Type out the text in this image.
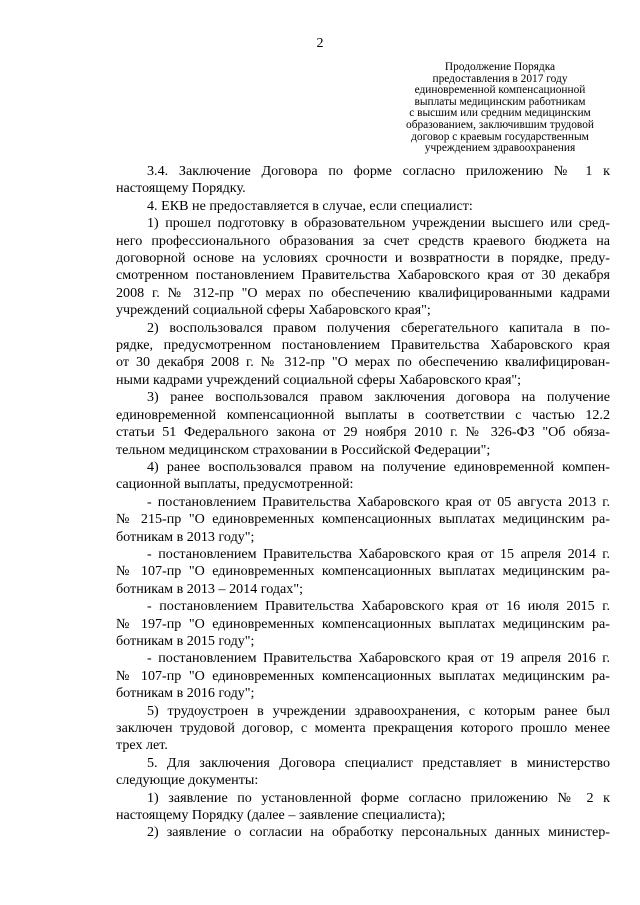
2
Продолжение Порядка
предоставления в 2017 году
единовременной компенсационной
выплаты медицинским работникам
с высшим или средним медицинским
образованием, заключившим трудовой
договор с краевым государственным
учреждением здравоохранения

3.4. Заключение Договора по форме согласно приложению № 1 к

настоящему Порядку.

4. ЕКВ не предоставляется в случае, если специалист:

1) прошел подготовку в образовательном учреждении высшего или сред-

него профессионального образования за счет средств краевого бюджета на

договорной основе на условиях срочности и возвратности в порядке, преду-

смотренном постановлением Правительства Хабаровского края от 30 декабря

2008 г. № 312-пр "О мерах по обеспечению квалифицированными кадрами

учреждений социальной сферы Хабаровского края";

2) воспользовался правом получения сберегательного капитала в по-

рядке, предусмотренном постановлением Правительства Хабаровского края

от 30 декабря 2008 г. № 312-пр "О мерах по обеспечению квалифицирован-

ными кадрами учреждений социальной сферы Хабаровского края";

3) ранее воспользовался правом заключения договора на получение

единовременной компенсационной выплаты в соответствии с частью 12.2

статьи 51 Федерального закона от 29 ноября 2010 г. № 326-ФЗ "Об обяза-

тельном медицинском страховании в Российской Федерации";

4) ранее воспользовался правом на получение единовременной компен-

сационной выплаты, предусмотренной:

- постановлением Правительства Хабаровского края от 05 августа 2013 г.

№ 215-пр "О единовременных компенсационных выплатах медицинским ра-

ботникам в 2013 году";

- постановлением Правительства Хабаровского края от 15 апреля 2014 г.

№ 107-пр "О единовременных компенсационных выплатах медицинским ра-

ботникам в 2013 – 2014 годах";

- постановлением Правительства Хабаровского края от 16 июля 2015 г.

№ 197-пр "О единовременных компенсационных выплатах медицинским ра-

ботникам в 2015 году";

- постановлением Правительства Хабаровского края от 19 апреля 2016 г.

№ 107-пр "О единовременных компенсационных выплатах медицинским ра-

ботникам в 2016 году";

5) трудоустроен в учреждении здравоохранения, с которым ранее был

заключен трудовой договор, с момента прекращения которого прошло менее

трех лет.

5. Для заключения Договора специалист представляет в министерство

следующие документы:

1) заявление по установленной форме согласно приложению № 2 к

настоящему Порядку (далее – заявление специалиста);

2) заявление о согласии на обработку персональных данных министер-
